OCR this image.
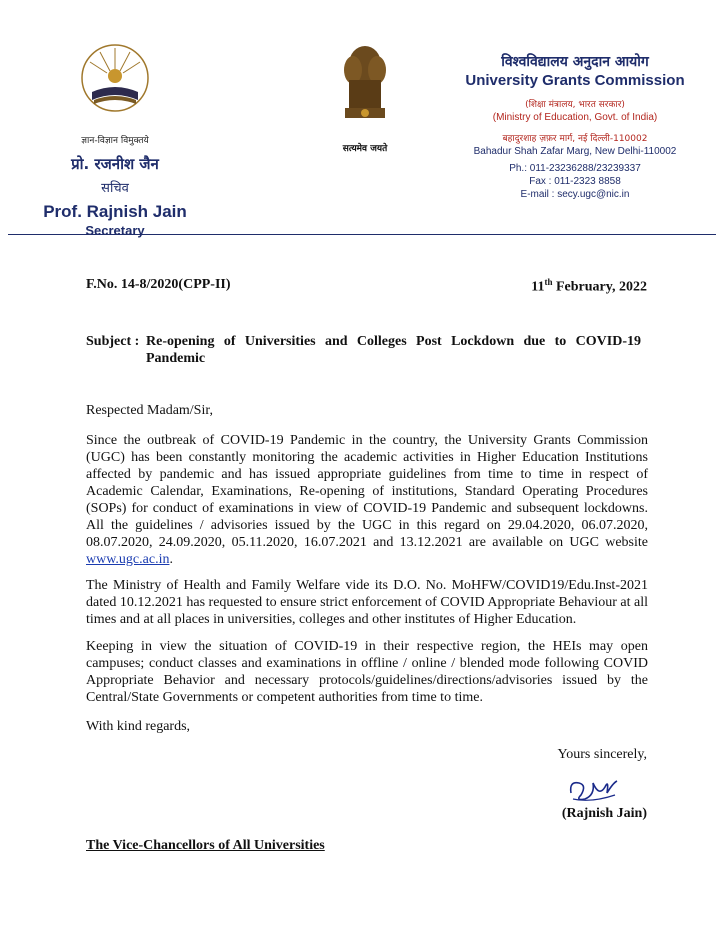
ज्ञान-विज्ञान विमुक्तये
प्रो. रजनीश जैन
सचिव
Prof. Rajnish Jain
Secretary
सत्यमेव जयते
विश्वविद्यालय अनुदान आयोग
University Grants Commission
(शिक्षा मंत्रालय, भारत सरकार)
(Ministry of Education, Govt. of India)
बहादुरशाह ज़फ़र मार्ग, नई दिल्ली-110002
Bahadur Shah Zafar Marg, New Delhi-110002
Ph.: 011-23236288/23239337
Fax : 011-2323 8858
E-mail : secy.ugc@nic.in
F.No. 14-8/2020(CPP-II)	11th February, 2022
Subject : Re-opening of Universities and Colleges Post Lockdown due to COVID-19 Pandemic
Respected Madam/Sir,
Since the outbreak of COVID-19 Pandemic in the country, the University Grants Commission (UGC) has been constantly monitoring the academic activities in Higher Education Institutions affected by pandemic and has issued appropriate guidelines from time to time in respect of Academic Calendar, Examinations, Re-opening of institutions, Standard Operating Procedures (SOPs) for conduct of examinations in view of COVID-19 Pandemic and subsequent lockdowns. All the guidelines / advisories issued by the UGC in this regard on 29.04.2020, 06.07.2020, 08.07.2020, 24.09.2020, 05.11.2020, 16.07.2021 and 13.12.2021 are available on UGC website www.ugc.ac.in.
The Ministry of Health and Family Welfare vide its D.O. No. MoHFW/COVID19/Edu.Inst-2021 dated 10.12.2021 has requested to ensure strict enforcement of COVID Appropriate Behaviour at all times and at all places in universities, colleges and other institutes of Higher Education.
Keeping in view the situation of COVID-19 in their respective region, the HEIs may open campuses; conduct classes and examinations in offline / online / blended mode following COVID Appropriate Behavior and necessary protocols/guidelines/directions/advisories issued by the Central/State Governments or competent authorities from time to time.
With kind regards,
Yours sincerely,
(Rajnish Jain)
The Vice-Chancellors of All Universities
